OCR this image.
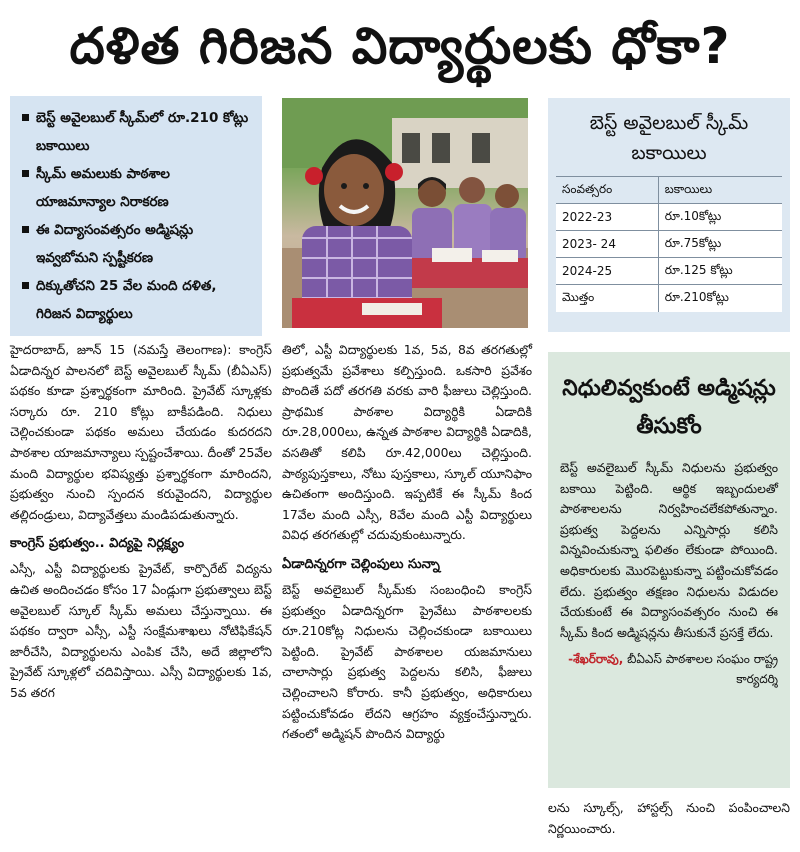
దళిత గిరిజన విద్యార్థులకు ధోకా?
బెస్ట్ అవైలబుల్ స్కీమ్‌లో రూ.210 కోట్లు బకాయిలు
స్కీమ్ అమలుకు పాఠశాల యాజమాన్యాల నిరాకరణ
ఈ విద్యాసంవత్సరం అడ్మిషన్లు ఇవ్వబోమని స్పష్టీకరణ
దిక్కుతోచని 25 వేల మంది దళిత, గిరిజన విద్యార్థులు
బెస్ట్ అవైలబుల్ స్కీమ్ బకాయిలు
సంవత్సరం	బకాయిలు
2022-23	రూ.10కోట్లు
2023- 24	రూ.75కోట్లు
2024-25	రూ.125 కోట్లు
మొత్తం	రూ.210కోట్లు

హైదరాబాద్, జూన్ 15 (నమస్తే తెలంగాణ): కాంగ్రెస్ ఏడాదిన్నర పాలనలో బెస్ట్ అవైలబుల్ స్కీమ్ (బీఏఎస్) పథకం కూడా ప్రశ్నార్థకంగా మారింది. ప్రైవేట్ స్కూళ్లకు సర్కారు రూ. 210 కోట్లు బాకీపడింది. నిధులు చెల్లించకుండా పథకం అమలు చేయడం కుదరదని పాఠశాల యాజమాన్యాలు స్పష్టంచేశాయి. దీంతో 25వేల మంది విద్యార్థుల భవిష్యత్తు ప్రశ్నార్థకంగా మారిందని, ప్రభుత్వం నుంచి స్పందన కరువైందని, విద్యార్థుల తల్లిదండ్రులు, విద్యావేత్తలు మండిపడుతున్నారు.

కాంగ్రెస్ ప్రభుత్వం.. విద్యపై నిర్లక్ష్యం

ఎస్సీ, ఎస్టీ విద్యార్థులకు ప్రైవేట్, కార్పొరేట్ విద్యను ఉచిత అందించడం కోసం 17 ఏండ్లుగా ప్రభుత్వాలు బెస్ట్ అవైలబుల్ స్కూల్ స్కీమ్ అమలు చేస్తున్నాయి. ఈ పథకం ద్వారా ఎస్సీ, ఎస్టీ సంక్షేమశాఖలు నోటిఫికేషన్ జారీచేసి, విద్యార్థులను ఎంపిక చేసి, అదే జిల్లాలోని ప్రైవేట్ స్కూళ్లలో చదివిస్తాయి. ఎస్సీ విద్యార్థులకు 1వ, 5వ తరగ

తిలో, ఎస్టీ విద్యార్థులకు 1వ, 5వ, 8వ తరగతుల్లో ప్రభుత్వమే ప్రవేశాలు కల్పిస్తుంది. ఒకసారి ప్రవేశం పొందితే పదో తరగతి వరకు వారి ఫీజులు చెల్లిస్తుంది. ప్రాథమిక పాఠశాల విద్యార్థికి ఏడాదికి రూ.28,000లు, ఉన్నత పాఠశాల విద్యార్థికి ఏడాదికి, వసతితో కలిపి రూ.42,000లు చెల్లిస్తుంది. పాఠ్యపుస్తకాలు, నోటు పుస్తకాలు, స్కూల్ యూనిఫాం ఉచితంగా అందిస్తుంది. ఇప్పటికే ఈ స్కీమ్ కింద 17వేల మంది ఎస్సీ, 8వేల మంది ఎస్టీ విద్యార్థులు వివిధ తరగతుల్లో చదువుకుంటున్నారు.

ఏడాదిన్నరగా చెల్లింపులు సున్నా

బెస్ట్ అవలైబుల్ స్కీమ్‌కు సంబంధించి కాంగ్రెస్ ప్రభుత్వం ఏడాదిన్నరగా ప్రైవేటు పాఠశాలలకు రూ.210కోట్ల నిధులను చెల్లించకుండా బకాయిలు పెట్టింది. ప్రైవేట్ పాఠశాలల యజమానులు చాలాసార్లు ప్రభుత్వ పెద్దలను కలిసి, ఫీజులు చెల్లించాలని కోరారు. కానీ ప్రభుత్వం, అధికారులు పట్టించుకోవడం లేదని ఆగ్రహం వ్యక్తంచేస్తున్నారు. గతంలో అడ్మిషన్ పొందిన విద్యార్థు

నిధులివ్వకుంటే అడ్మిషన్లు తీసుకోం
బెస్ట్ అవలైబుల్ స్కీమ్ నిధులను ప్రభుత్వం బకాయి పెట్టింది. ఆర్థిక ఇబ్బందులతో పాఠశాలలను నిర్వహించలేకపోతున్నాం. ప్రభుత్వ పెద్దలను ఎన్నిసార్లు కలిసి విన్నవించుకున్నా ఫలితం లేకుండా పోయింది. అధికారులకు మొరపెట్టుకున్నా పట్టించుకోవడం లేదు. ప్రభుత్వం తక్షణం నిధులను విడుదల చేయకుంటే ఈ విద్యాసంవత్సరం నుంచి ఈ స్కీమ్ కింద అడ్మిషన్లను తీసుకునే ప్రసక్తే లేదు.
-శేఖర్‌రావు, బీఏఎస్ పాఠశాలల సంఘం రాష్ట్ర కార్యదర్శి

లను స్కూల్స్, హాస్టల్స్ నుంచి పంపించాలని నిర్ణయించారు.
